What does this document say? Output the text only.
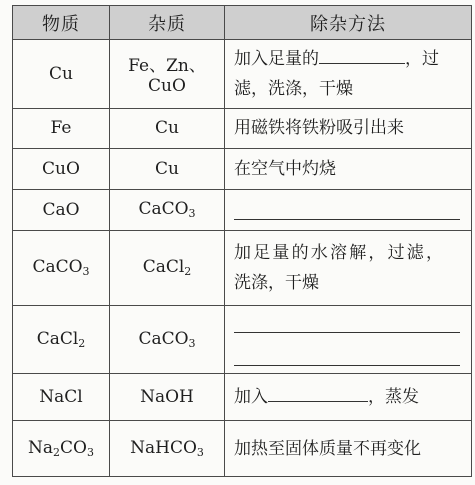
物质	杂质	除杂方法
Cu	Fe、Zn、CuO	加入足量的 ，过
滤，洗涤，干燥
Fe	Cu	用磁铁将铁粉吸引出来
CuO	Cu	在空气中灼烧
CaO	CaCO$_3$	

CaCO$_3$	CaCl$_2$	加足量的水溶解，过滤，
洗涤，干燥
CaCl$_2$	CaCO$_3$	

NaCl	NaOH	加入 ，蒸发
$Na_2CO_3$	NaHCO$_3$	加热至固体质量不再变化
